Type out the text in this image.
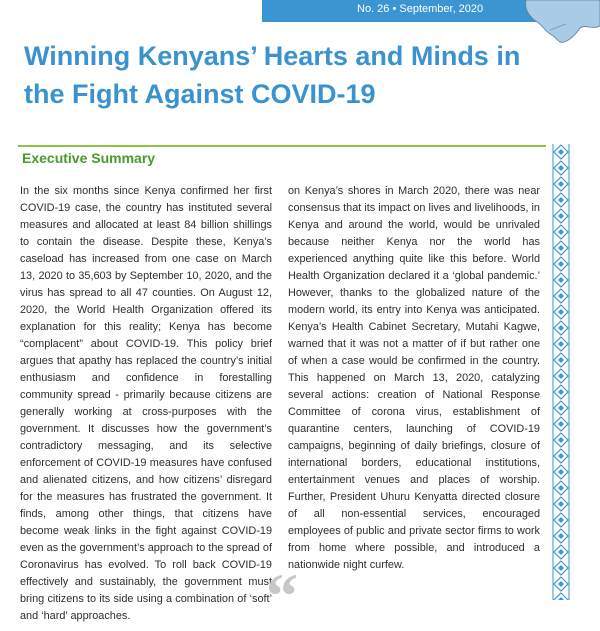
No. 26 • September, 2020
Winning Kenyans’ Hearts and Minds in the Fight Against COVID-19
Executive Summary

In the six months since Kenya confirmed her first COVID-19 case, the country has instituted several measures and allocated at least 84 billion shillings to contain the disease. Despite these, Kenya’s caseload has increased from one case on March 13, 2020 to 35,603 by September 10, 2020, and the virus has spread to all 47 counties. On August 12, 2020, the World Health Organization offered its explanation for this reality; Kenya has become “complacent” about COVID-19. This policy brief argues that apathy has replaced the country’s initial enthusiasm and confidence in forestalling community spread - primarily because citizens are generally working at cross-purposes with the government. It discusses how the government’s contradictory messaging, and its selective enforcement of COVID-19 measures have confused and alienated citizens, and how citizens’ disregard for the measures has frustrated the government. It finds, among other things, that citizens have become weak links in the fight against COVID-19 even as the government’s approach to the spread of Coronavirus has evolved. To roll back COVID-19 effectively and sustainably, the government must bring citizens to its side using a combination of ‘soft’ and ‘hard’ approaches.

on Kenya’s shores in March 2020, there was near consensus that its impact on lives and livelihoods, in Kenya and around the world, would be unrivaled because neither Kenya nor the world has experienced anything quite like this before. World Health Organization declared it a ‘global pandemic.’ However, thanks to the globalized nature of the modern world, its entry into Kenya was anticipated. Kenya’s Health Cabinet Secretary, Mutahi Kagwe, warned that it was not a matter of if but rather one of when a case would be confirmed in the country. This happened on March 13, 2020, catalyzing several actions: creation of National Response Committee of corona virus, establishment of quarantine centers, launching of COVID-19 campaigns, beginning of daily briefings, closure of international borders, educational institutions, entertainment venues and places of worship. Further, President Uhuru Kenyatta directed closure of all non-essential services, encouraged employees of public and private sector firms to work from home where possible, and introduced a nationwide night curfew.

“
